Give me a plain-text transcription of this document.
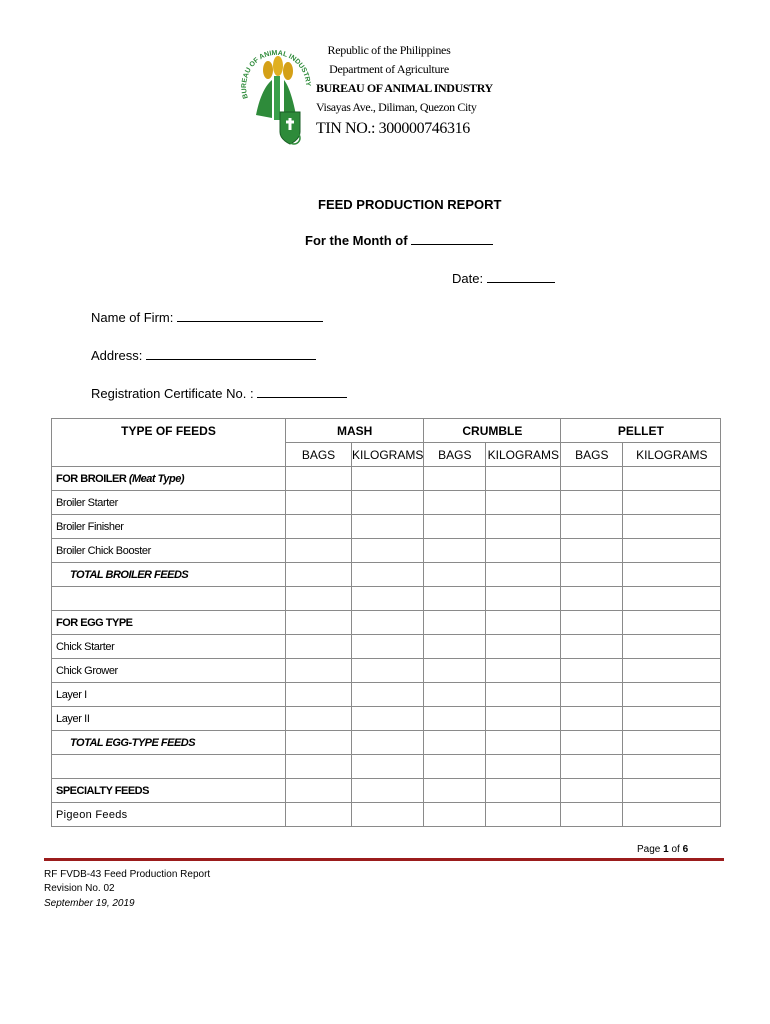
BUREAU OF ANIMAL INDUSTRY
Republic of the Philippines
Department of Agriculture
BUREAU OF ANIMAL INDUSTRY
Visayas Ave., Diliman, Quezon City
TIN NO.: 300000746316
FEED PRODUCTION REPORT
For the Month of
Date:
Name of Firm:
Address:
Registration Certificate No. :
TYPE OF FEEDS	MASH		CRUMBLE		PELLET	
	BAGS	KILOGRAMS	BAGS	KILOGRAMS	BAGS	KILOGRAMS
FOR BROILER (Meat Type)						
Broiler Starter						
Broiler Finisher						
Broiler Chick Booster						
TOTAL BROILER FEEDS						

FOR EGG TYPE						
Chick Starter						
Chick Grower						
Layer I						
Layer II						
TOTAL EGG-TYPE FEEDS						

SPECIALTY FEEDS						
Pigeon Feeds						
Page 1 of 6
RF FVDB-43 Feed Production Report
Revision No. 02
September 19, 2019
